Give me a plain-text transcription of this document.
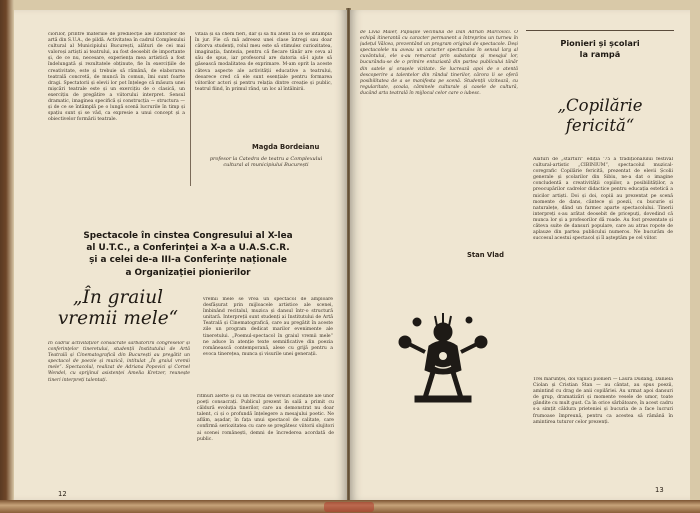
ciorilor, printre materiile de predilecție ale iubitorilor de artă din S.U.A., de pildă. Activitatea în cadrul Complexului cultural al Municipiului București, alături de cei mai valoroși artiști ai teatrului, au fost deosebit de importante și, de ce nu, necesare, experiența mea artistică a fost îndelungată și rezultatele obținute, fie în exercițiile de creativitate, este și trebuie să rămână, de elaborarea teatrală concretă, de muncă în comun, îmi sunt foarte dragi. Spectatorii și elevii lor pot înțelege că măsura unei mișcări teatrale este și un exercițiu de o clasică, un exercițiu de pregătire a viitorului interpret. Sensul dramatic, imaginea specifică și construcția — structura — și de ce se întâmplă pe o lungă scenă lucrurile în timp și spațiu sunt și se văd, ca expresie a unui concept și a obiectivelor formării teatrale.

vitală și să chem fieri, dar și să fiu atent la ce se întâmplă în jur. Fie că mă adresez unei clase întregi sau doar câtorva studenți, rolul meu este să stimulez curiozitatea, imaginația, fantezia, pentru că fiecare tânăr are ceva al său de spus, iar profesorul are datoria să-l ajute să găsească modalitatea de exprimare. M-am oprit la aceste câteva aspecte ale activității educative a teatrului, deoarece cred că ele sunt esențiale pentru formarea viitorilor actori și pentru relația dintre creație și public, teatrul fiind, în primul rând, un loc al întâlnirii.

Magda Bordeianu
profesor la Catedra de teatru a Complexului cultural al municipiului București
Spectacole în cinstea Congresului al X-lea
al U.T.C., a Conferinței a X-a a U.A.S.C.R.
și a celei de-a III-a Conferințe naționale
a Organizației pionierilor
„În graiul
vremii mele“

vremii mele se vrea un spectacol de amploare desfășurat prin mijloacele artistice ale scenei, îmbinând recitalul, muzica și dansul într-o structură unitară. Interpreții sunt studenți ai Institutului de Artă Teatrală și Cinematografică, care au pregătit în aceste zile un program dedicat marilor evenimente ale tineretului. „Poemul-spectacol în graiul vremii mele“ ne aduce în atenție texte semnificative din poezia românească contemporană, alese cu grijă pentru a evoca tinerețea, munca și visurile unei generații.

În cadrul activităților consacrate sărbătoririi congreselor și conferințelor tineretului, studenții Institutului de Artă Teatrală și Cinematografică din București au pregătit un spectacol de poezie și muzică, intitulat „În graiul vremii mele“. Spectacolul, realizat de Adriana Popovici și Cornel Wendel, cu sprijinul asistenței Amelia Kretzer, reunește tineri interpreți talentați.

ritmuri alerte și cu un recital de versuri scandate ale unor poeți consacrați. Publicul prezent în sală a primit cu căldură evoluția tinerilor, care au demonstrat nu doar talent, ci și o profundă înțelegere a mesajului poetic. Ne aflăm, așadar, în fața unui spectacol de calitate, care confirmă seriozitatea cu care se pregătesc viitorii slujitori ai scenei românești, demni de încrederea acordată de public.

12

de Livia Maier, Păpușile vecinului de Dan Adrian Marcovici. O echipă itinerantă cu caracter permanent a întreprins un turneu în județul Vâlcea, prezentând un program original de spectacole. Deși spectacolele nu aveau un caracter spectaculos în sensul larg al cuvântului, ele s-au remarcat prin substanța și mesajul lor, bucurându-se de o primire entuziastă din partea publicului tânăr din satele și orașele vizitate. Se lucrează apoi de o atentă descoperire a talentelor din rândul tinerilor, cărora li se oferă posibilitatea de a se manifesta pe scenă. Studenții vizitează, cu regularitate, școala, căminele culturale și casele de cultură, ducând arta teatrală în mijlocul celor care o iubesc.

Stan Vlad
Pionieri și școlari
la rampă
„Copilărie
fericită“

Alături de „starturi“ ediția '75 a tradiționalului festival cultural-artistic „CIBINIUM“, spectacolul muzical-coregrafic Copilărie fericită, prezentat de elevii Școlii generale și școlarilor din Sibiu, ne-a dat o imagine concludentă a creativității copiilor, a posibilităților, a preocupărilor cadrelor didactice pentru educația estetică a micilor artiști. Doi și doi, copiii au prezentat pe scenă momente de dans, cântece și poezii, cu bucurie și naturalețe, dând un farmec aparte spectacolului. Tinerii interpreți s-au arătat deosebit de pricepuți, dovedind că munca lor și a profesorilor dă roade. Au fost prezentate și câteva suite de dansuri populare, care au atras ropote de aplauze din partea publicului numeros. Ne bucurăm de succesul acestui spectacol și îl așteptăm pe cel viitor.

Trei mărunței, doi vajnici pionieri — Laura Dudang, Daniela Ciolan și Cristian Stan — au cântat, au spus poezii, amintind cu drag de anii copilăriei. Au urmat apoi dansuri de grup, dramatizări și momente vesele de umor, toate gândite cu mult gust. Ca în orice sărbătoare, în acest cadru s-a simțit căldura prieteniei și bucuria de a face lucruri frumoase împreună, pentru ca acestea să rămână în amintirea tuturor celor prezenți.

13
